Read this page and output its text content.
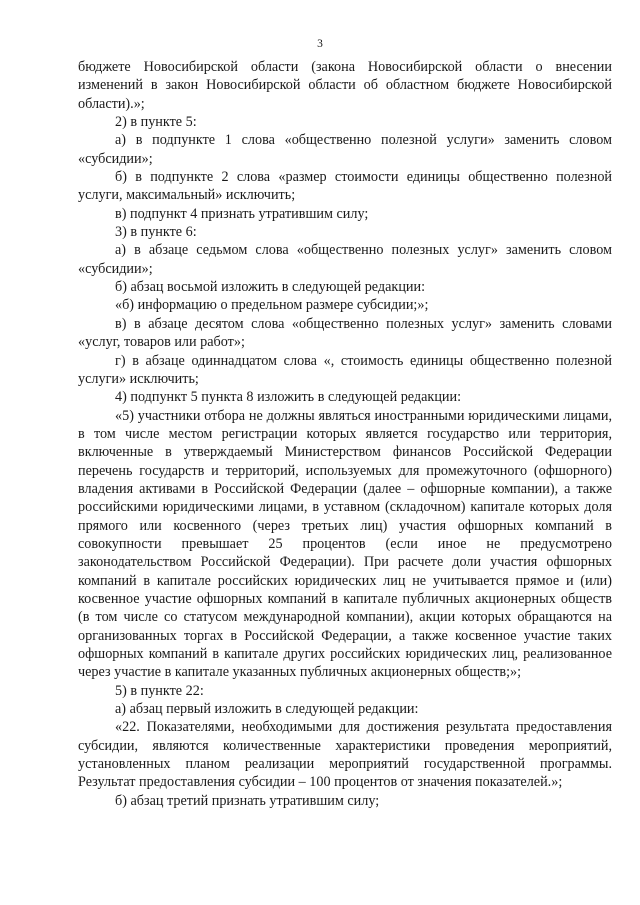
3

бюджете Новосибирской области (закона Новосибирской области о внесении изменений в закон Новосибирской области об областном бюджете Новосибирской области).»;

2) в пункте 5:

а) в подпункте 1 слова «общественно полезной услуги» заменить словом «субсидии»;

б) в подпункте 2 слова «размер стоимости единицы общественно полезной услуги, максимальный» исключить;

в) подпункт 4 признать утратившим силу;

3) в пункте 6:

а) в абзаце седьмом слова «общественно полезных услуг» заменить словом «субсидии»;

б) абзац восьмой изложить в следующей редакции:

«б) информацию о предельном размере субсидии;»;

в) в абзаце десятом слова «общественно полезных услуг» заменить словами «услуг, товаров или работ»;

г) в абзаце одиннадцатом слова «, стоимость единицы общественно полезной услуги» исключить;

4) подпункт 5 пункта 8 изложить в следующей редакции:

«5) участники отбора не должны являться иностранными юридическими лицами, в том числе местом регистрации которых является государство или территория, включенные в утверждаемый Министерством финансов Российской Федерации перечень государств и территорий, используемых для промежуточного (офшорного) владения активами в Российской Федерации (далее – офшорные компании), а также российскими юридическими лицами, в уставном (складочном) капитале которых доля прямого или косвенного (через третьих лиц) участия офшорных компаний в совокупности превышает 25 процентов (если иное не предусмотрено законодательством Российской Федерации). При расчете доли участия офшорных компаний в капитале российских юридических лиц не учитывается прямое и (или) косвенное участие офшорных компаний в капитале публичных акционерных обществ (в том числе со статусом международной компании), акции которых обращаются на организованных торгах в Российской Федерации, а также косвенное участие таких офшорных компаний в капитале других российских юридических лиц, реализованное через участие в капитале указанных публичных акционерных обществ;»;

5) в пункте 22:

а) абзац первый изложить в следующей редакции:

«22. Показателями, необходимыми для достижения результата предоставления субсидии, являются количественные характеристики проведения мероприятий, установленных планом реализации мероприятий государственной программы. Результат предоставления субсидии – 100 процентов от значения показателей.»;

б) абзац третий признать утратившим силу;
